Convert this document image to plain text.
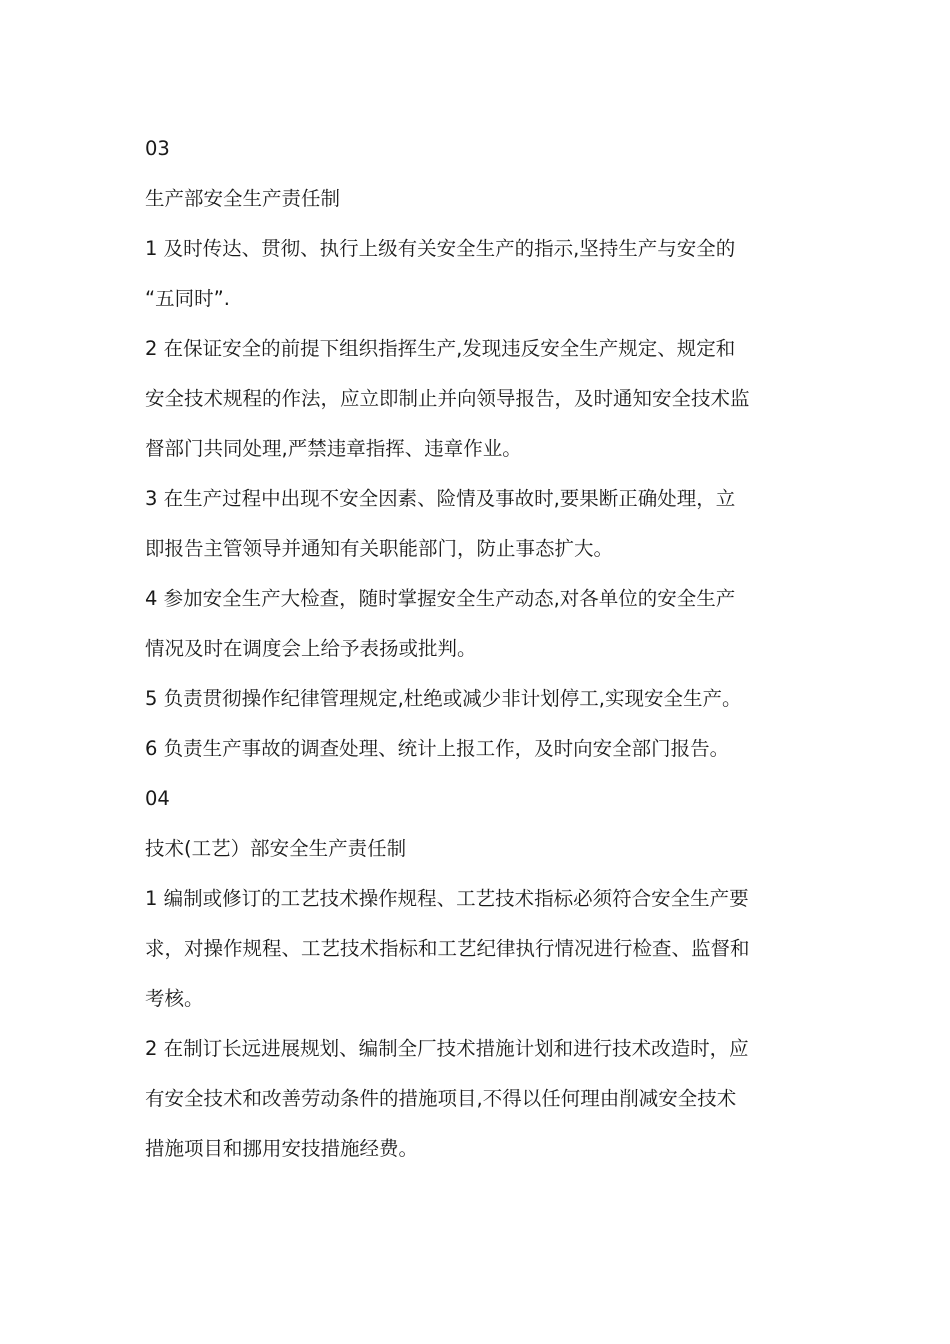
03
生产部安全生产责任制
1 及时传达、贯彻、执行上级有关安全生产的指示,坚持生产与安全的
“五同时”.
2 在保证安全的前提下组织指挥生产,发现违反安全生产规定、规定和
安全技术规程的作法，应立即制止并向领导报告，及时通知安全技术监
督部门共同处理,严禁违章指挥、违章作业。
3 在生产过程中出现不安全因素、险情及事故时,要果断正确处理，立
即报告主管领导并通知有关职能部门，防止事态扩大。
4 参加安全生产大检查，随时掌握安全生产动态,对各单位的安全生产
情况及时在调度会上给予表扬或批判。
5 负责贯彻操作纪律管理规定,杜绝或减少非计划停工,实现安全生产。
6 负责生产事故的调查处理、统计上报工作，及时向安全部门报告。
04
技术(工艺）部安全生产责任制
1 编制或修订的工艺技术操作规程、工艺技术指标必须符合安全生产要
求，对操作规程、工艺技术指标和工艺纪律执行情况进行检查、监督和
考核。
2 在制订长远进展规划、编制全厂技术措施计划和进行技术改造时，应
有安全技术和改善劳动条件的措施项目,不得以任何理由削减安全技术
措施项目和挪用安技措施经费。
